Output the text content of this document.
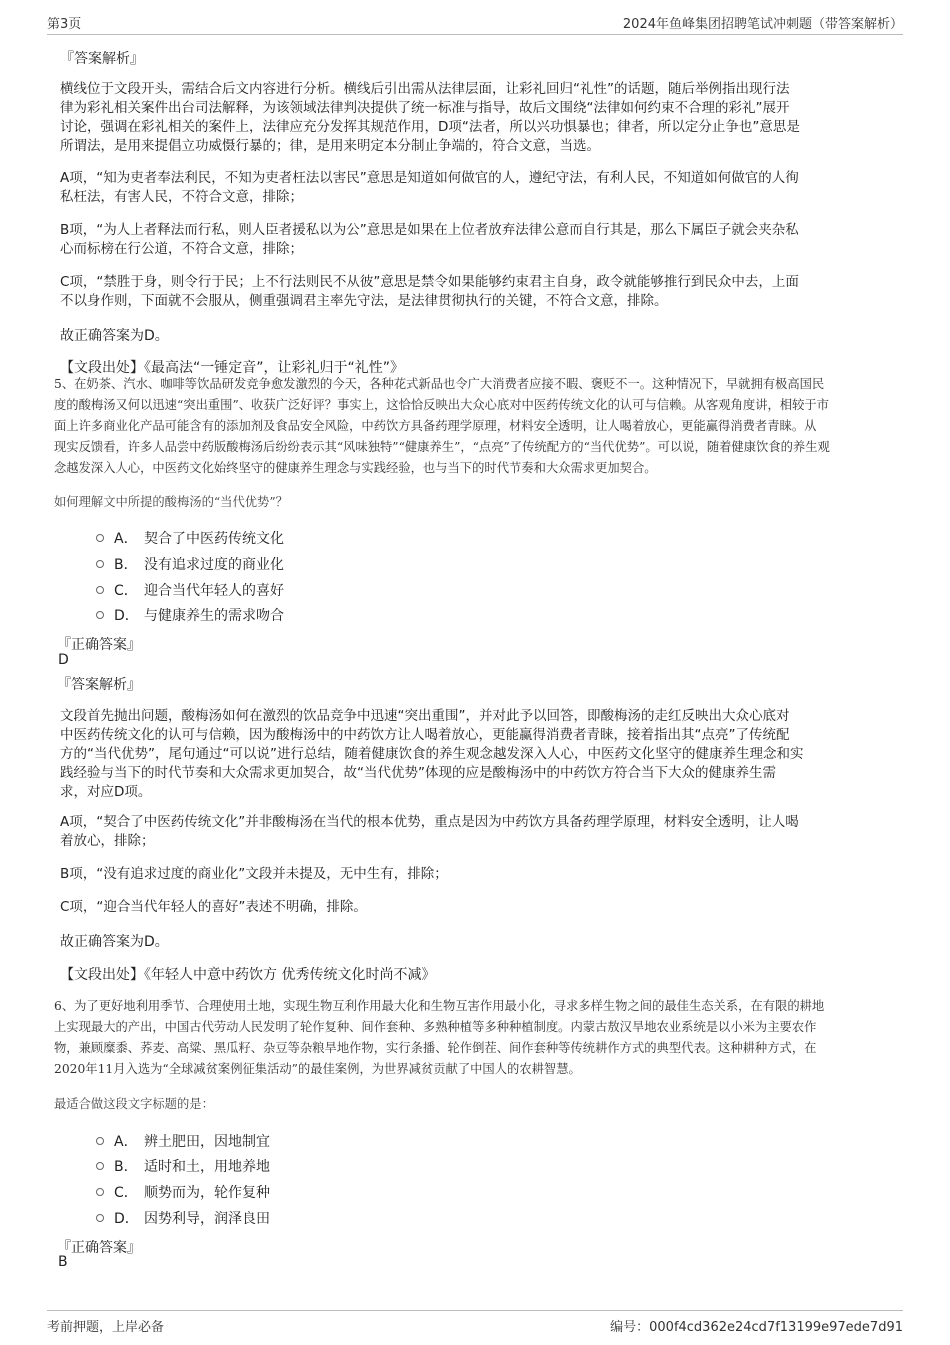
第3页	2024年鱼峰集团招聘笔试冲刺题（带答案解析）
『答案解析』
横线位于文段开头，需结合后文内容进行分析。横线后引出需从法律层面，让彩礼回归“礼性”的话题，随后举例指出现行法
律为彩礼相关案件出台司法解释，为该领域法律判决提供了统一标准与指导，故后文围绕“法律如何约束不合理的彩礼”展开
讨论，强调在彩礼相关的案件上，法律应充分发挥其规范作用，D项“法者，所以兴功惧暴也；律者，所以定分止争也”意思是
所谓法，是用来提倡立功威慑行暴的；律，是用来明定本分制止争端的，符合文意，当选。
A项，“知为吏者奉法利民，不知为吏者枉法以害民”意思是知道如何做官的人，遵纪守法，有利人民，不知道如何做官的人徇
私枉法，有害人民，不符合文意，排除；
B项，“为人上者释法而行私，则人臣者援私以为公”意思是如果在上位者放弃法律公意而自行其是，那么下属臣子就会夹杂私
心而标榜在行公道，不符合文意，排除；
C项，“禁胜于身，则令行于民；上不行法则民不从彼”意思是禁令如果能够约束君主自身，政令就能够推行到民众中去，上面
不以身作则，下面就不会服从，侧重强调君主率先守法，是法律贯彻执行的关键，不符合文意，排除。
故正确答案为D。
【文段出处】《最高法“一锤定音”，让彩礼归于“礼性”》
5、在奶茶、汽水、咖啡等饮品研发竞争愈发激烈的今天，各种花式新品也令广大消费者应接不暇、褒贬不一。这种情况下，早就拥有极高国民
度的酸梅汤又何以迅速“突出重围”、收获广泛好评？事实上，这恰恰反映出大众心底对中医药传统文化的认可与信赖。从客观角度讲，相较于市
面上许多商业化产品可能含有的添加剂及食品安全风险，中药饮方具备药理学原理，材料安全透明，让人喝着放心，更能赢得消费者青睐。从
现实反馈看，许多人品尝中药版酸梅汤后纷纷表示其“风味独特”“健康养生”，“点亮”了传统配方的“当代优势”。可以说，随着健康饮食的养生观
念越发深入人心，中医药文化始终坚守的健康养生理念与实践经验，也与当下的时代节奏和大众需求更加契合。
如何理解文中所提的酸梅汤的“当代优势”？
A． 契合了中医药传统文化
B． 没有追求过度的商业化
C． 迎合当代年轻人的喜好
D． 与健康养生的需求吻合
『正确答案』
D
『答案解析』
文段首先抛出问题，酸梅汤如何在激烈的饮品竞争中迅速“突出重围”，并对此予以回答，即酸梅汤的走红反映出大众心底对
中医药传统文化的认可与信赖，因为酸梅汤中的中药饮方让人喝着放心，更能赢得消费者青睐，接着指出其“点亮”了传统配
方的“当代优势”，尾句通过“可以说”进行总结，随着健康饮食的养生观念越发深入人心，中医药文化坚守的健康养生理念和实
践经验与当下的时代节奏和大众需求更加契合，故“当代优势”体现的应是酸梅汤中的中药饮方符合当下大众的健康养生需
求，对应D项。
A项，“契合了中医药传统文化”并非酸梅汤在当代的根本优势，重点是因为中药饮方具备药理学原理，材料安全透明，让人喝
着放心，排除；
B项，“没有追求过度的商业化”文段并未提及，无中生有，排除；
C项，“迎合当代年轻人的喜好”表述不明确，排除。
故正确答案为D。
【文段出处】《年轻人中意中药饮方 优秀传统文化时尚不减》
6、为了更好地利用季节、合理使用土地，实现生物互利作用最大化和生物互害作用最小化，寻求多样生物之间的最佳生态关系，在有限的耕地
上实现最大的产出，中国古代劳动人民发明了轮作复种、间作套种、多熟种植等多种种植制度。内蒙古敖汉旱地农业系统是以小米为主要农作
物，兼顾糜黍、荞麦、高粱、黑瓜籽、杂豆等杂粮旱地作物，实行条播、轮作倒茬、间作套种等传统耕作方式的典型代表。这种耕种方式，在
2020年11月入选为“全球减贫案例征集活动”的最佳案例，为世界减贫贡献了中国人的农耕智慧。
最适合做这段文字标题的是：
A． 辨土肥田，因地制宜
B． 适时和土，用地养地
C． 顺势而为，轮作复种
D． 因势利导，润泽良田
『正确答案』
B
考前押题，上岸必备	编号：000f4cd362e24cd7f13199e97ede7d91
